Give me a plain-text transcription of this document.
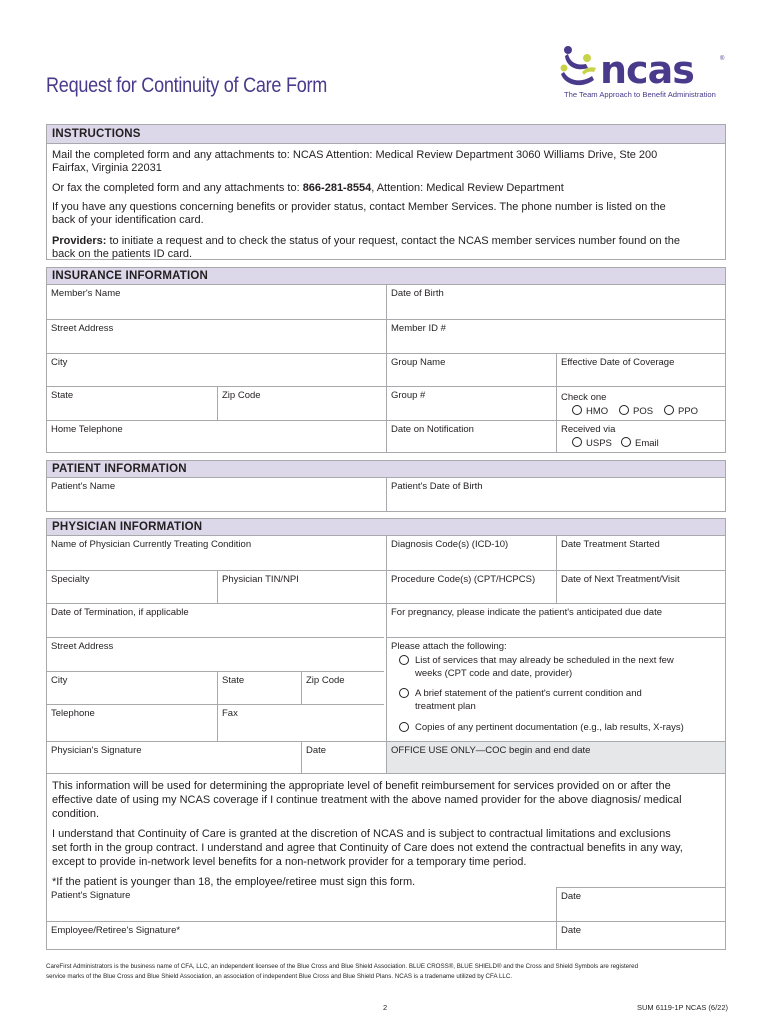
Request for Continuity of Care Form	ncas	®
The Team Approach to Benefit Administration
INSTRUCTIONS
Mail the completed form and any attachments to: NCAS Attention: Medical Review Department 3060 Williams Drive, Ste 200
Fairfax, Virginia 22031
Or fax the completed form and any attachments to: 866-281-8554, Attention: Medical Review Department
If you have any questions concerning benefits or provider status, contact Member Services. The phone number is listed on the
back of your identification card.
Providers: to initiate a request and to check the status of your request, contact the NCAS member services number found on the
back on the patients ID card.
INSURANCE INFORMATION
Member's Name	Date of Birth
Street Address	Member ID #
City	Group Name	Effective Date of Coverage
State	Zip Code	Group #	Check one
HMO	POS	PPO
Home Telephone	Date on Notification	Received via
USPS	Email
PATIENT INFORMATION
Patient's Name	Patient's Date of Birth
PHYSICIAN INFORMATION
Name of Physician Currently Treating Condition	Diagnosis Code(s) (ICD-10)	Date Treatment Started
Specialty	Physician TIN/NPI	Procedure Code(s) (CPT/HCPCS)	Date of Next Treatment/Visit
Date of Termination, if applicable	For pregnancy, please indicate the patient's anticipated due date
Street Address
City	State	Zip Code
Telephone	Fax
Please attach the following:
List of services that may already be scheduled in the next few
weeks (CPT code and date, provider)
A brief statement of the patient's current condition and
treatment plan
Copies of any pertinent documentation (e.g., lab results, X-rays)
Physician's Signature	Date	OFFICE USE ONLY—COC begin and end date
This information will be used for determining the appropriate level of benefit reimbursement for services provided on or after the
effective date of using my NCAS coverage if I continue treatment with the above named provider for the above diagnosis/ medical
condition.
I understand that Continuity of Care is granted at the discretion of NCAS and is subject to contractual limitations and exclusions
set forth in the group contract. I understand and agree that Continuity of Care does not extend the contractual benefits in any way,
except to provide in-network level benefits for a non-network provider for a temporary time period.
*If the patient is younger than 18, the employee/retiree must sign this form.
Patient's Signature	Date
Employee/Retiree's Signature*	Date
CareFirst Administrators is the business name of CFA, LLC, an independent licensee of the Blue Cross and Blue Shield Association. BLUE CROSS®, BLUE SHIELD® and the Cross and Shield Symbols are registered
service marks of the Blue Cross and Blue Shield Association, an association of independent Blue Cross and Blue Shield Plans. NCAS is a tradename utilized by CFA LLC.
2	SUM 6119-1P NCAS (6/22)
